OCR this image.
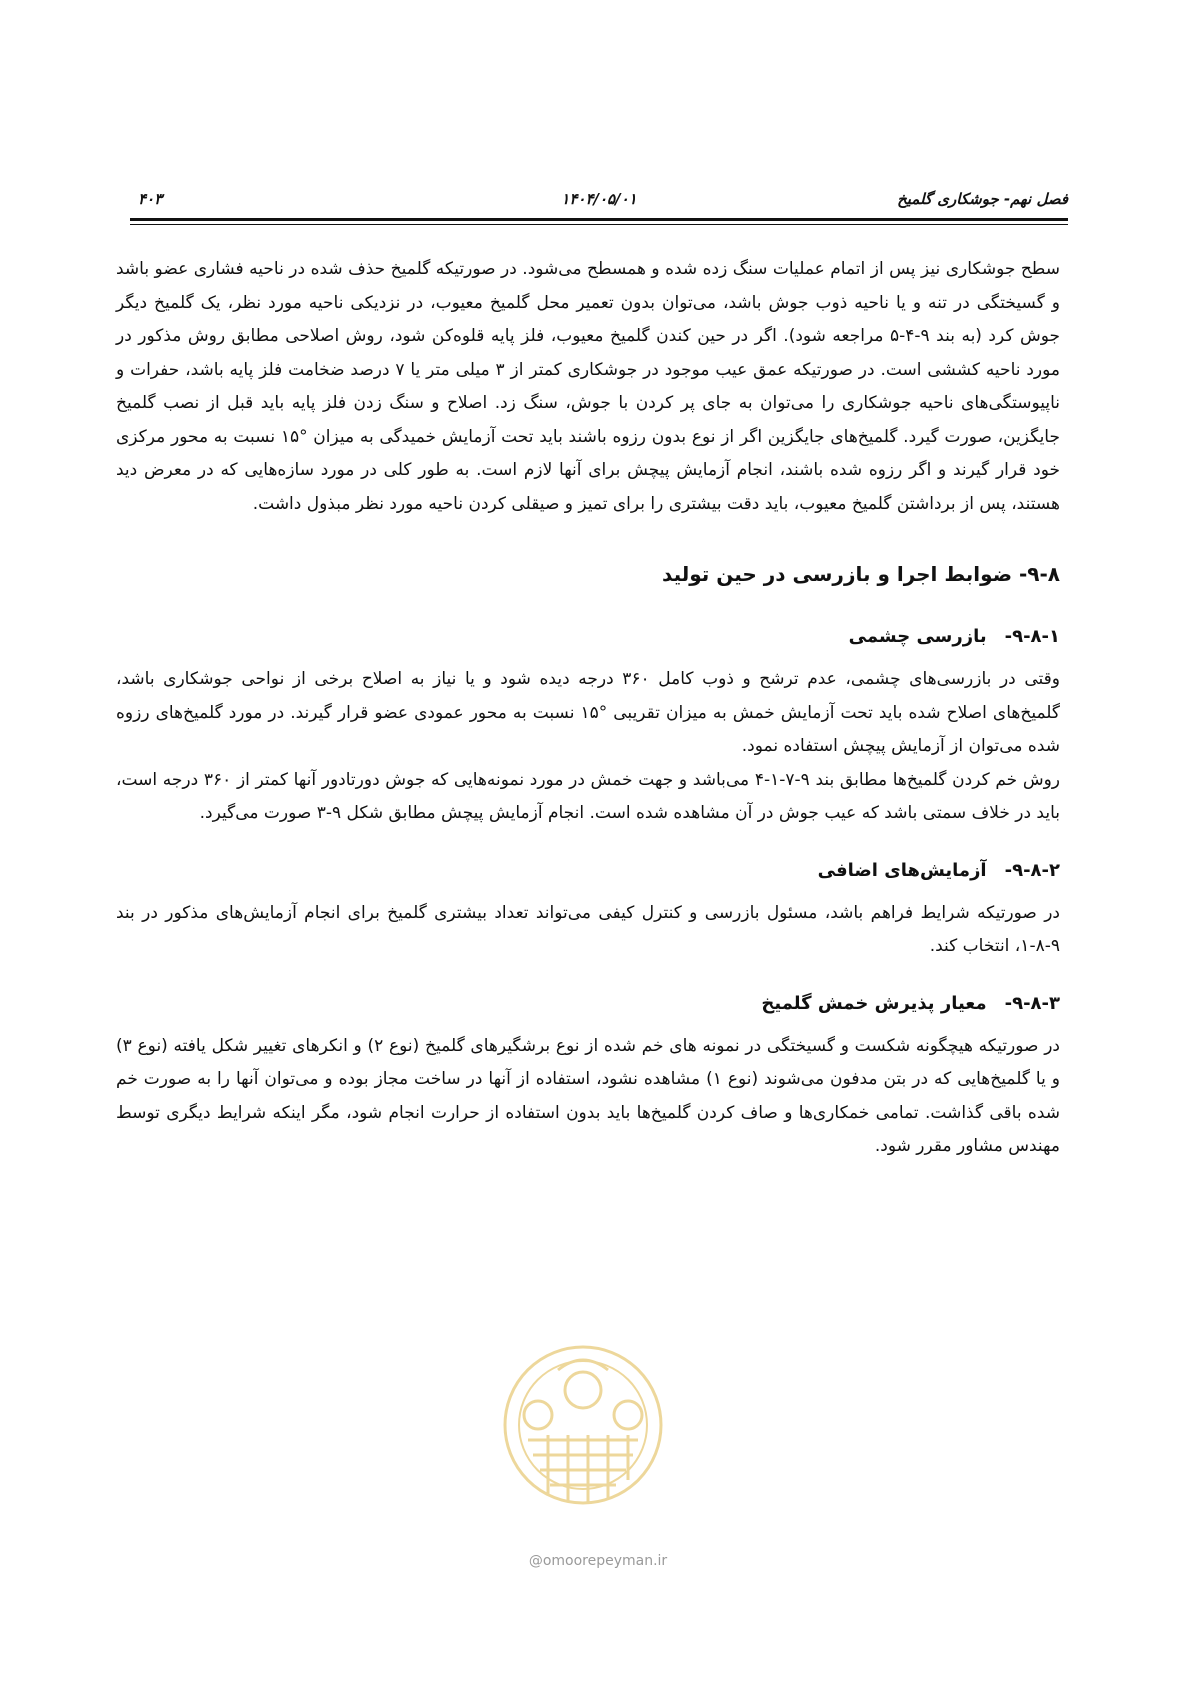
فصل نهم- جوشکاری گلمیخ
۱۴۰۴/۰۵/۰۱
۴۰۳

سطح جوشکاری نیز پس از اتمام عملیات سنگ زده شده و همسطح می‌شود. در صورتیکه گلمیخ حذف شده در ناحیه فشاری عضو باشد و گسیختگی در تنه و یا ناحیه ذوب جوش باشد، می‌توان بدون تعمیر محل گلمیخ معیوب، در نزدیکی ناحیه مورد نظر، یک گلمیخ دیگر جوش کرد (به بند ۹-۴-۵ مراجعه شود). اگر در حین کندن گلمیخ معیوب، فلز پایه قلوه‌کن شود، روش اصلاحی مطابق روش مذکور در مورد ناحیه کششی است. در صورتیکه عمق عیب موجود در جوشکاری کمتر از ۳ میلی متر یا ۷ درصد ضخامت فلز پایه باشد، حفرات و ناپیوستگی‌های ناحیه جوشکاری را می‌توان به جای پر کردن با جوش، سنگ زد. اصلاح و سنگ زدن فلز پایه باید قبل از نصب گلمیخ جایگزین، صورت گیرد. گلمیخ‌های جایگزین اگر از نوع بدون رزوه باشند باید تحت آزمایش خمیدگی به میزان °۱۵ نسبت به محور مرکزی خود قرار گیرند و اگر رزوه شده باشند، انجام آزمایش پیچش برای آنها لازم است. به طور کلی در مورد سازه‌هایی که در معرض دید هستند، پس از برداشتن گلمیخ معیوب، باید دقت بیشتری را برای تمیز و صیقلی کردن ناحیه مورد نظر مبذول داشت.

۹-۸- ضوابط اجرا و بازرسی در حین تولید
۹-۸-۱-بازرسی چشمی

وقتی در بازرسی‌های چشمی، عدم ترشح و ذوب کامل ۳۶۰ درجه دیده شود و یا نیاز به اصلاح برخی از نواحی جوشکاری باشد، گلمیخ‌های اصلاح شده باید تحت آزمایش خمش به میزان تقریبی °۱۵ نسبت به محور عمودی عضو قرار گیرند. در مورد گلمیخ‌های رزوه شده می‌توان از آزمایش پیچش استفاده نمود.

روش خم کردن گلمیخ‌ها مطابق بند ۹-۷-۱-۴ می‌باشد و جهت خمش در مورد نمونه‌هایی که جوش دورتادور آنها کمتر از ۳۶۰ درجه است، باید در خلاف سمتی باشد که عیب جوش در آن مشاهده شده است. انجام آزمایش پیچش مطابق شکل ۹-۳ صورت می‌گیرد.

۹-۸-۲-آزمایش‌های اضافی

در صورتیکه شرایط فراهم باشد، مسئول بازرسی و کنترل کیفی می‌تواند تعداد بیشتری گلمیخ برای انجام آزمایش‌های مذکور در بند ۹-۸-۱، انتخاب کند.

۹-۸-۳-معیار پذیرش خمش گلمیخ

در صورتیکه هیچگونه شکست و گسیختگی در نمونه های خم شده از نوع برشگیرهای گلمیخ (نوع ۲) و انکرهای تغییر شکل یافته (نوع ۳) و یا گلمیخ‌هایی که در بتن مدفون می‌شوند (نوع ۱) مشاهده نشود، استفاده از آنها در ساخت مجاز بوده و می‌توان آنها را به صورت خم شده باقی گذاشت. تمامی خمکاری‌ها و صاف کردن گلمیخ‌ها باید بدون استفاده از حرارت انجام شود، مگر اینکه شرایط دیگری توسط مهندس مشاور مقرر شود.

@omoorepeyman.ir
